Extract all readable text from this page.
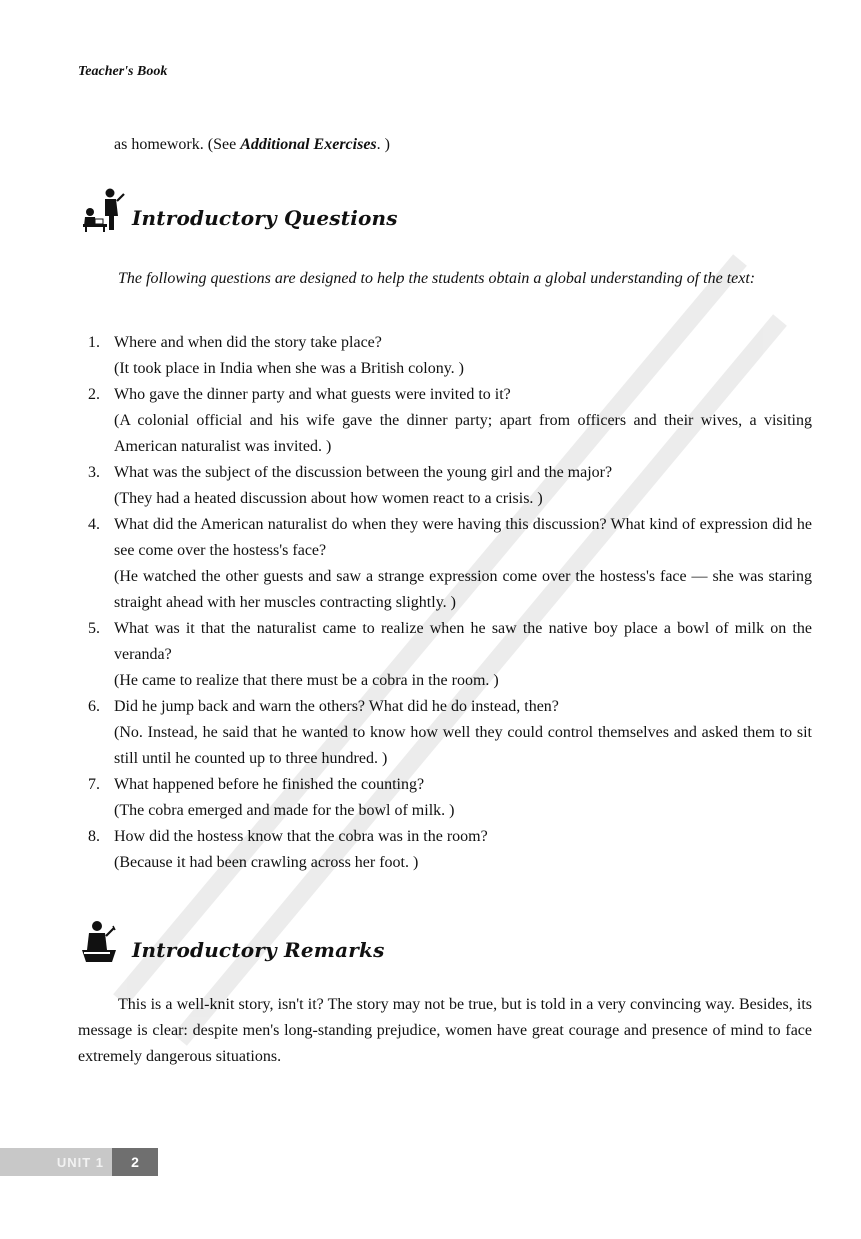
Teacher's Book
as homework. (See Additional Exercises. )
Introductory Questions
The following questions are designed to help the students obtain a global understanding of the text:
1. Where and when did the story take place?
(It took place in India when she was a British colony. )
2. Who gave the dinner party and what guests were invited to it?
(A colonial official and his wife gave the dinner party; apart from officers and their wives, a visiting American naturalist was invited. )
3. What was the subject of the discussion between the young girl and the major?
(They had a heated discussion about how women react to a crisis. )
4. What did the American naturalist do when they were having this discussion? What kind of expression did he see come over the hostess's face?
(He watched the other guests and saw a strange expression come over the hostess's face — she was staring straight ahead with her muscles contracting slightly. )
5. What was it that the naturalist came to realize when he saw the native boy place a bowl of milk on the veranda?
(He came to realize that there must be a cobra in the room. )
6. Did he jump back and warn the others? What did he do instead, then?
(No. Instead, he said that he wanted to know how well they could control themselves and asked them to sit still until he counted up to three hundred. )
7. What happened before he finished the counting?
(The cobra emerged and made for the bowl of milk. )
8. How did the hostess know that the cobra was in the room?
(Because it had been crawling across her foot. )
Introductory Remarks
This is a well-knit story, isn't it? The story may not be true, but is told in a very convincing way. Besides, its message is clear: despite men's long-standing prejudice, women have great courage and presence of mind to face extremely dangerous situations.
UNIT 1	2
